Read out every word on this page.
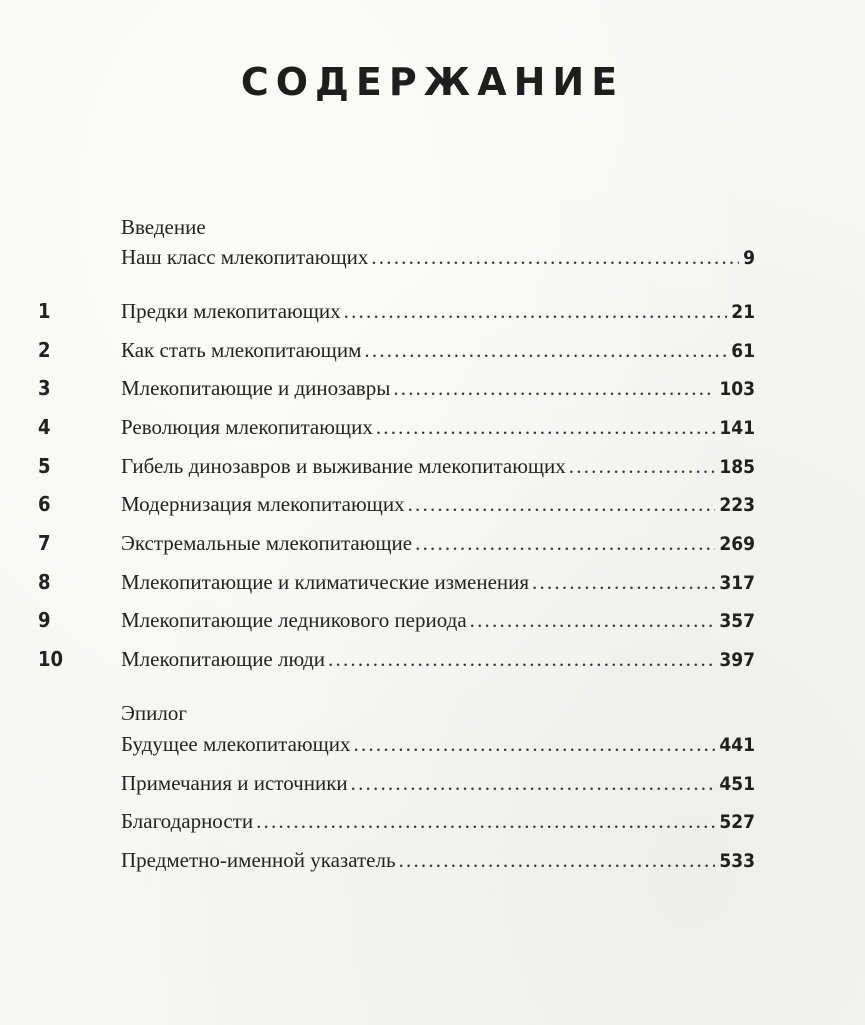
СОДЕРЖАНИЕ
Введение
Наш класс млекопитающих .....	9
1	Предки млекопитающих .....	21
2	Как стать млекопитающим .....	61
3	Млекопитающие и динозавры .....	103
4	Революция млекопитающих .....	141
5	Гибель динозавров и выживание млекопитающих .....	185
6	Модернизация млекопитающих .....	223
7	Экстремальные млекопитающие .....	269
8	Млекопитающие и климатические изменения .....	317
9	Млекопитающие ледникового периода .....	357
10	Млекопитающие люди .....	397
Эпилог
Будущее млекопитающих .....	441
Примечания и источники .....	451
Благодарности .....	527
Предметно-именной указатель .....	533
